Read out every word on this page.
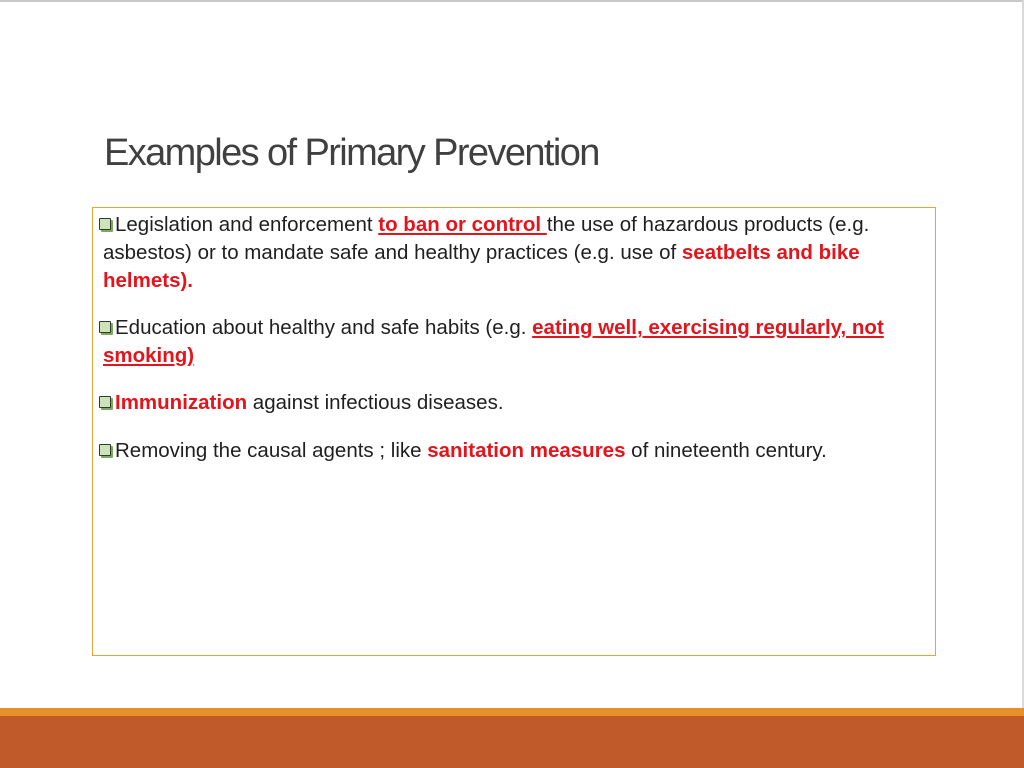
Examples of Primary Prevention
Legislation and enforcement to ban or control the use of hazardous products (e.g. asbestos) or to mandate safe and healthy practices (e.g. use of seatbelts and bike helmets).
Education about healthy and safe habits (e.g. eating well, exercising regularly, not smoking)
Immunization against infectious diseases.
Removing the causal agents ; like sanitation measures of nineteenth century.
